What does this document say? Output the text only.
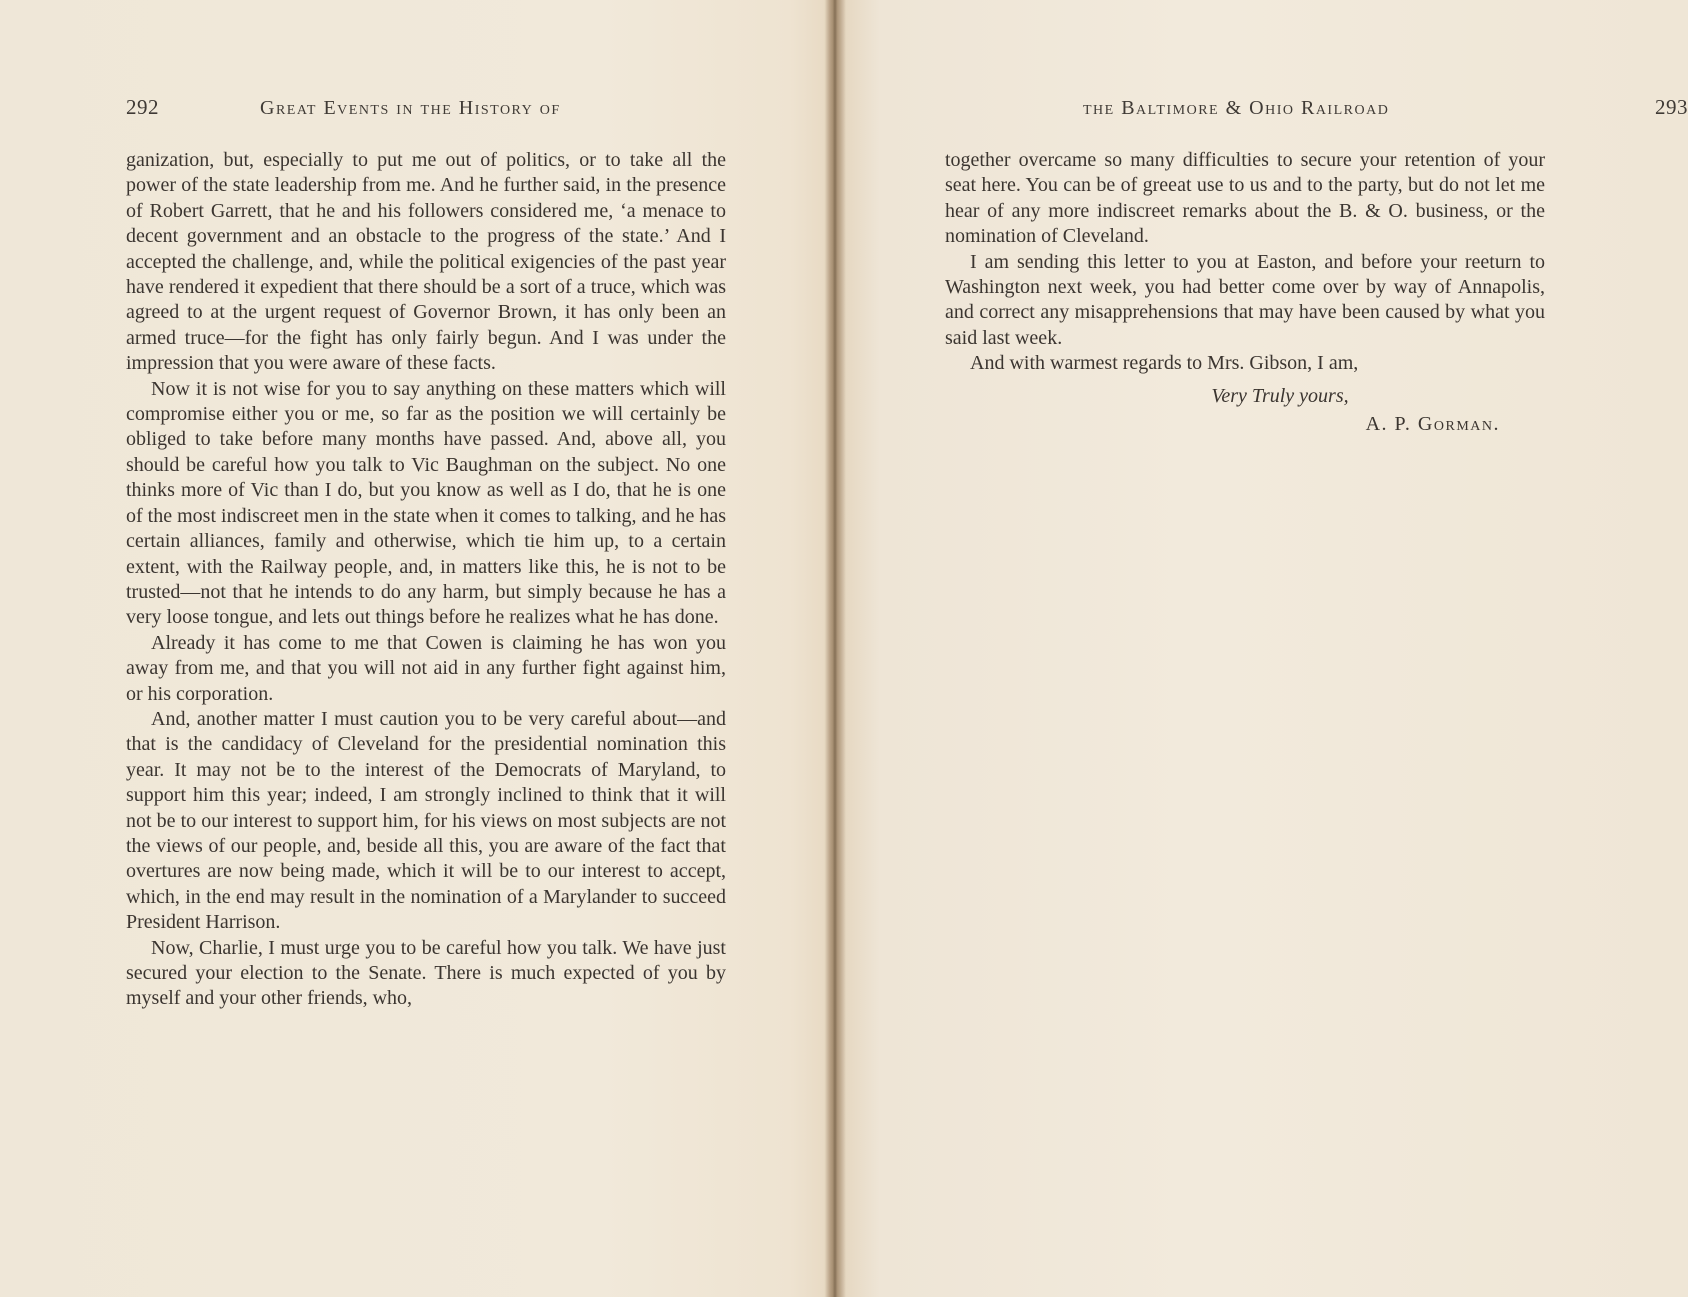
292	Great Events in the History of

ganization, but, especially to put me out of politics, or to take all the power of the state leadership from me. And he further said, in the presence of Robert Garrett, that he and his followers considered me, ‘a menace to decent government and an obstacle to the progress of the state.’ And I accepted the challenge, and, while the political exigencies of the past year have rendered it expedient that there should be a sort of a truce, which was agreed to at the urgent request of Governor Brown, it has only been an armed truce—for the fight has only fairly begun. And I was under the impression that you were aware of these facts.

Now it is not wise for you to say anything on these matters which will compromise either you or me, so far as the position we will certainly be obliged to take before many months have passed. And, above all, you should be careful how you talk to Vic Baughman on the subject. No one thinks more of Vic than I do, but you know as well as I do, that he is one of the most indiscreet men in the state when it comes to talking, and he has certain alliances, family and otherwise, which tie him up, to a certain extent, with the Railway people, and, in matters like this, he is not to be trusted—not that he intends to do any harm, but simply because he has a very loose tongue, and lets out things before he realizes what he has done.

Already it has come to me that Cowen is claiming he has won you away from me, and that you will not aid in any further fight against him, or his corporation.

And, another matter I must caution you to be very careful about—and that is the candidacy of Cleveland for the presidential nomination this year. It may not be to the interest of the Democrats of Maryland, to support him this year; indeed, I am strongly inclined to think that it will not be to our interest to support him, for his views on most subjects are not the views of our people, and, beside all this, you are aware of the fact that overtures are now being made, which it will be to our interest to accept, which, in the end may result in the nomination of a Marylander to succeed President Harrison.

Now, Charlie, I must urge you to be careful how you talk. We have just secured your election to the Senate. There is much expected of you by myself and your other friends, who,

the Baltimore & Ohio Railroad	293

together overcame so many difficulties to secure your retention of your seat here. You can be of greeat use to us and to the party, but do not let me hear of any more indiscreet remarks about the B. & O. business, or the nomination of Cleveland.

I am sending this letter to you at Easton, and before your reeturn to Washington next week, you had better come over by way of Annapolis, and correct any misapprehensions that may have been caused by what you said last week.

And with warmest regards to Mrs. Gibson, I am,

Very Truly yours,
A. P. Gorman.
